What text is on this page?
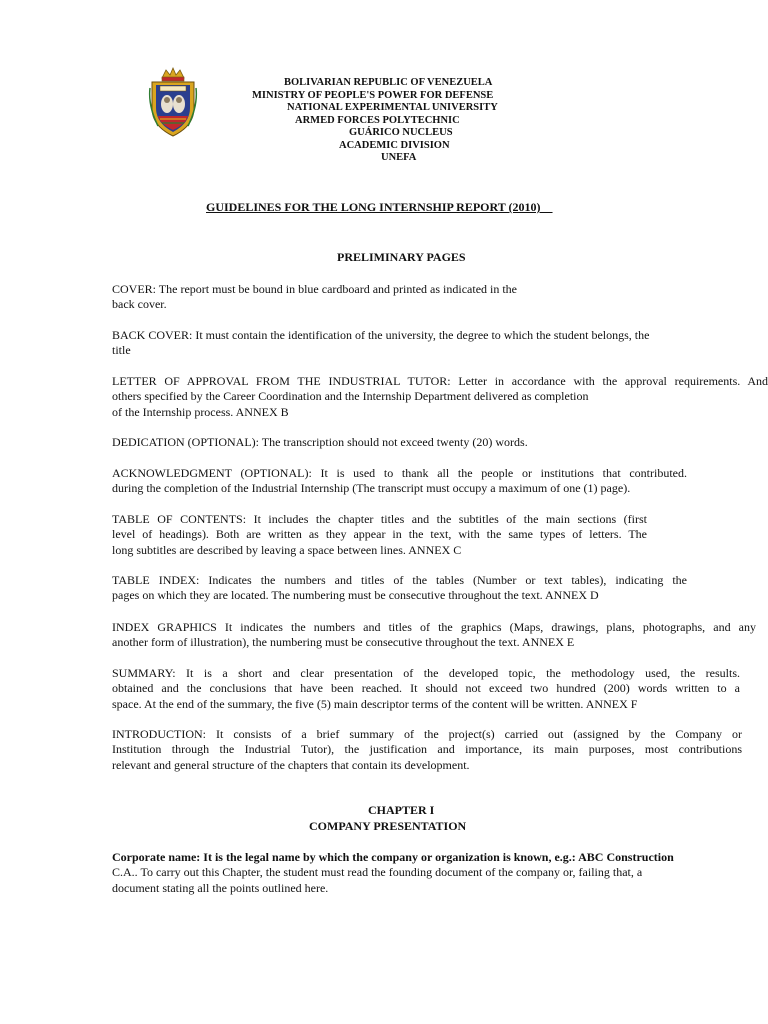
BOLIVARIAN REPUBLIC OF VENEZUELA
MINISTRY OF PEOPLE'S POWER FOR DEFENSE
NATIONAL EXPERIMENTAL UNIVERSITY
ARMED FORCES POLYTECHNIC
GUÁRICO NUCLEUS
ACADEMIC DIVISION
UNEFA
GUIDELINES FOR THE LONG INTERNSHIP REPORT (2010)
PRELIMINARY PAGES
COVER: The report must be bound in blue cardboard and printed as indicated in the
back cover.
BACK COVER: It must contain the identification of the university, the degree to which the student belongs, the
title
LETTER OF APPROVAL FROM THE INDUSTRIAL TUTOR: Letter in accordance with the approval requirements. And
others specified by the Career Coordination and the Internship Department delivered as completion
of the Internship process. ANNEX B
DEDICATION (OPTIONAL): The transcription should not exceed twenty (20) words.
ACKNOWLEDGMENT (OPTIONAL): It is used to thank all the people or institutions that contributed.
during the completion of the Industrial Internship (The transcript must occupy a maximum of one (1) page).
TABLE OF CONTENTS: It includes the chapter titles and the subtitles of the main sections (first
level of headings). Both are written as they appear in the text, with the same types of letters. The
long subtitles are described by leaving a space between lines. ANNEX C
TABLE INDEX: Indicates the numbers and titles of the tables (Number or text tables), indicating the
pages on which they are located. The numbering must be consecutive throughout the text. ANNEX D
INDEX GRAPHICS It indicates the numbers and titles of the graphics (Maps, drawings, plans, photographs, and any
another form of illustration), the numbering must be consecutive throughout the text. ANNEX E
SUMMARY: It is a short and clear presentation of the developed topic, the methodology used, the results.
obtained and the conclusions that have been reached. It should not exceed two hundred (200) words written to a
space. At the end of the summary, the five (5) main descriptor terms of the content will be written. ANNEX F
INTRODUCTION: It consists of a brief summary of the project(s) carried out (assigned by the Company or
Institution through the Industrial Tutor), the justification and importance, its main purposes, most contributions
relevant and general structure of the chapters that contain its development.
CHAPTER I
COMPANY PRESENTATION
Corporate name: It is the legal name by which the company or organization is known, e.g.: ABC Construction
C.A.. To carry out this Chapter, the student must read the founding document of the company or, failing that, a
document stating all the points outlined here.
